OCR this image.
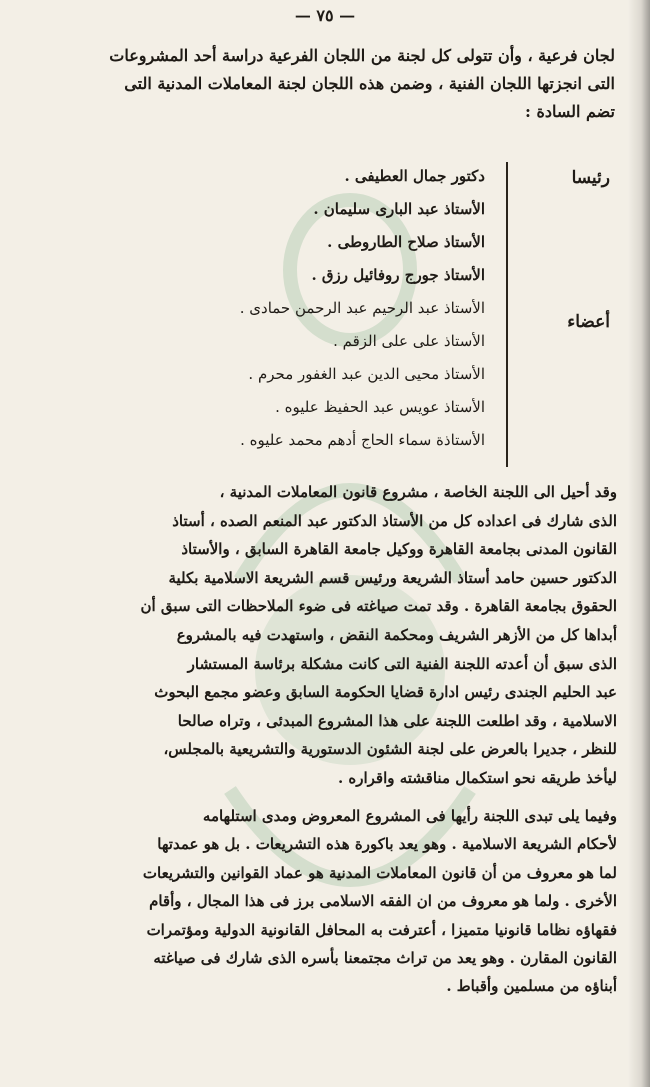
— ٧٥ —
لجان فرعية ، وأن تتولى كل لجنة من اللجان الفرعية دراسة أحد المشروعات
التى انجزتها اللجان الفنية ، وضمن هذه اللجان لجنة المعاملات المدنية التى
تضم السادة :
رئيسا
أعضاء
دكتور جمال العطيفى .
الأستاذ عبد البارى سليمان .
الأستاذ صلاح الطاروطى .
الأستاذ جورج روفائيل رزق .
الأستاذ عبد الرحيم عبد الرحمن حمادى .
الأستاذ على على الزقم .
الأستاذ محيى الدين عبد الغفور محرم .
الأستاذ عويس عبد الحفيظ عليوه .
الأستاذة سماء الحاج أدهم محمد عليوه .
وقد أحيل الى اللجنة الخاصة ، مشروع قانون المعاملات المدنية ،
الذى شارك فى اعداده كل من الأستاذ الدكتور عبد المنعم الصده ، أستاذ
القانون المدنى بجامعة القاهرة ووكيل جامعة القاهرة السابق ، والأستاذ
الدكتور حسين حامد أستاذ الشريعة ورئيس قسم الشريعة الاسلامية بكلية
الحقوق بجامعة القاهرة . وقد تمت صياغته فى ضوء الملاحظات التى سبق أن
أبداها كل من الأزهر الشريف ومحكمة النقض ، واستهدت فيه بالمشروع
الذى سبق أن أعدته اللجنة الفنية التى كانت مشكلة برئاسة المستشار
عبد الحليم الجندى رئيس ادارة قضايا الحكومة السابق وعضو مجمع البحوث
الاسلامية ، وقد اطلعت اللجنة على هذا المشروع المبدئى ، وتراه صالحا
للنظر ، جديرا بالعرض على لجنة الشئون الدستورية والتشريعية بالمجلس،
ليأخذ طريقه نحو استكمال مناقشته واقراره .
وفيما يلى تبدى اللجنة رأيها فى المشروع المعروض ومدى استلهامه
لأحكام الشريعة الاسلامية . وهو يعد باكورة هذه التشريعات . بل هو عمدتها
لما هو معروف من أن قانون المعاملات المدنية هو عماد القوانين والتشريعات
الأخرى . ولما هو معروف من ان الفقه الاسلامى برز فى هذا المجال ، وأقام
فقهاؤه نظاما قانونيا متميزا ، أعترفت به المحافل القانونية الدولية ومؤتمرات
القانون المقارن . وهو يعد من تراث مجتمعنا بأسره الذى شارك فى صياغته
أبناؤه من مسلمين وأقباط .
